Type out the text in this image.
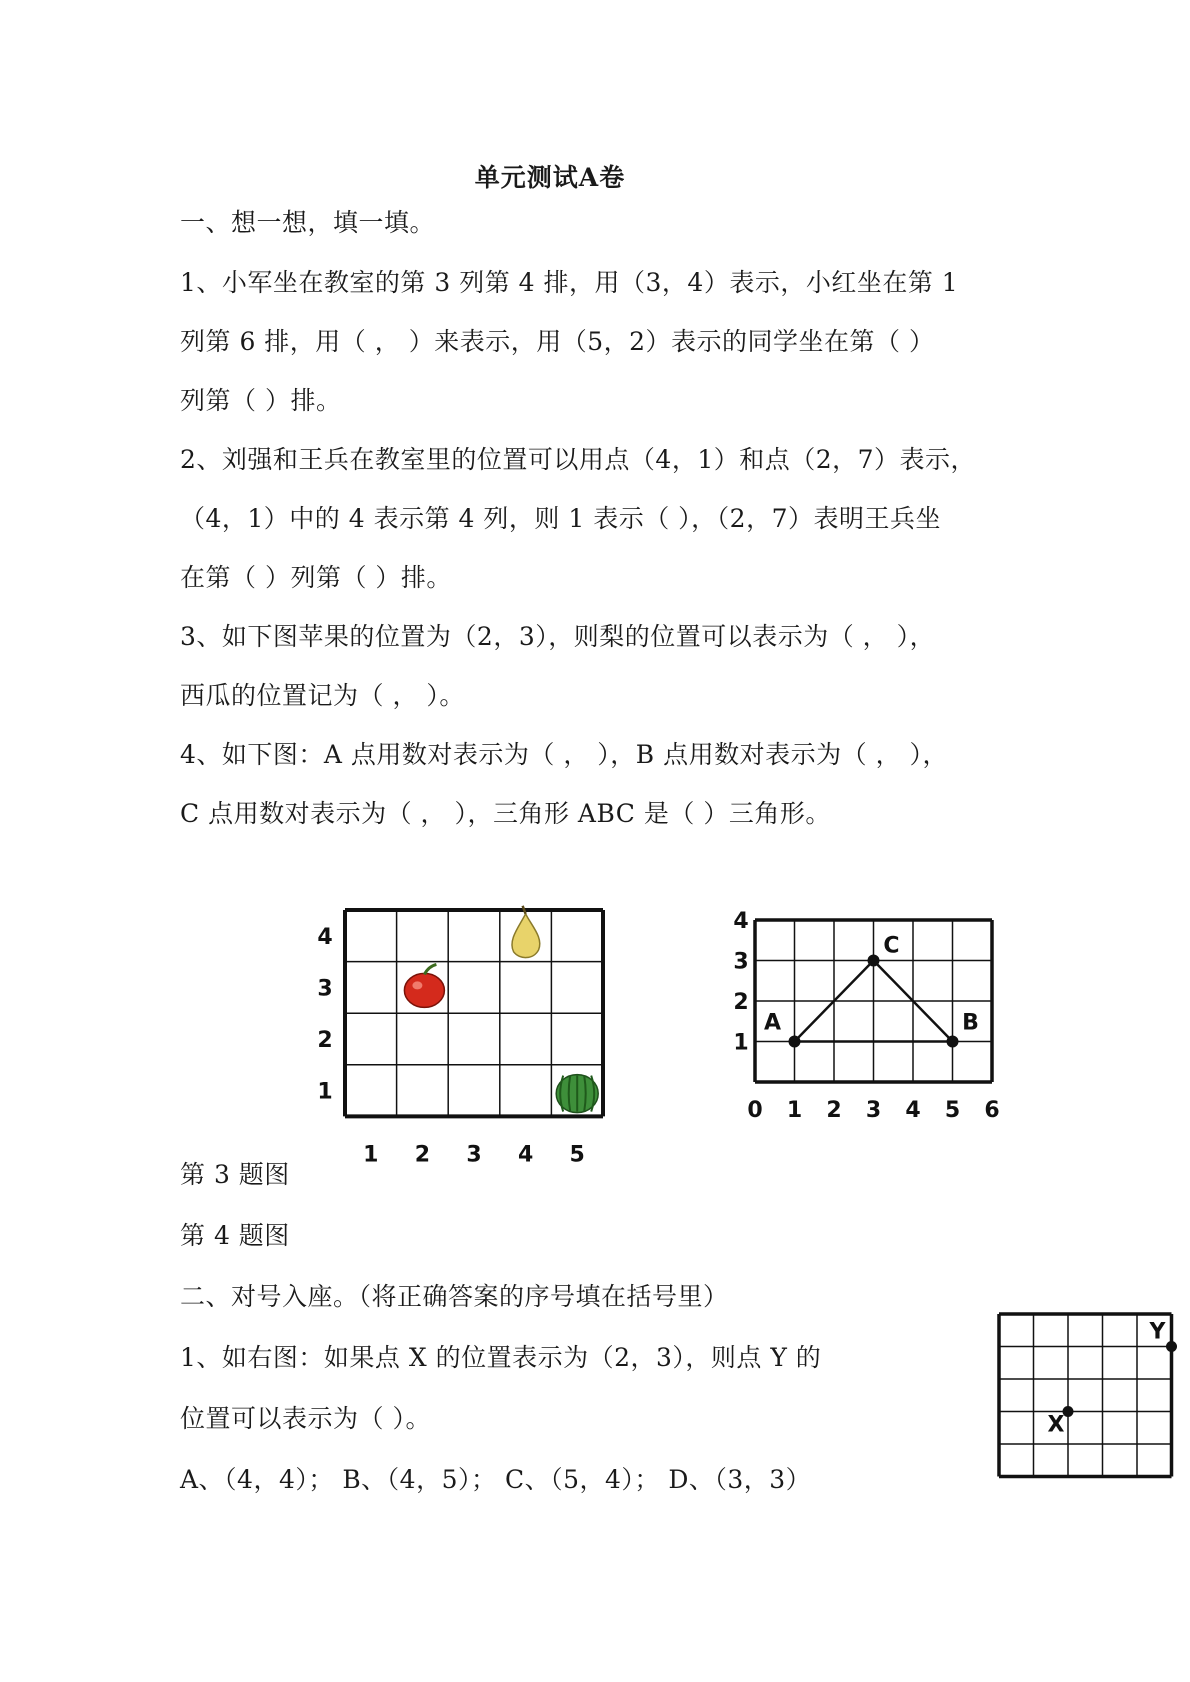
单元测试A卷
一、想一想，填一填。
1、小军坐在教室的第 3 列第 4 排，用（3，4）表示，小红坐在第 1
列第 6 排，用（ ， ）来表示，用（5，2）表示的同学坐在第（ ）
列第（ ）排。
2、刘强和王兵在教室里的位置可以用点（4，1）和点（2，7）表示，
（4，1）中的 4 表示第 4 列，则 1 表示（ ），（2，7）表明王兵坐
在第（ ）列第（ ）排。
3、如下图苹果的位置为（2，3），则梨的位置可以表示为（ ， ），
西瓜的位置记为（ ， ）。
4、如下图：A 点用数对表示为（ ， ），B 点用数对表示为（ ， ），
C 点用数对表示为（ ， ），三角形 ABC 是（ ）三角形。
1 2 3 4 5
1
2
3
4
0 1 2 3 4 5 6
1
2
3
4
A	B
C
第 3 题图
第 4 题图
二、对号入座。（将正确答案的序号填在括号里）
1、如右图：如果点 X 的位置表示为（2，3），则点 Y 的
位置可以表示为（ ）。
A、（4，4）； B、（4，5）； C、（5，4）； D、（3，3）
X
Y
